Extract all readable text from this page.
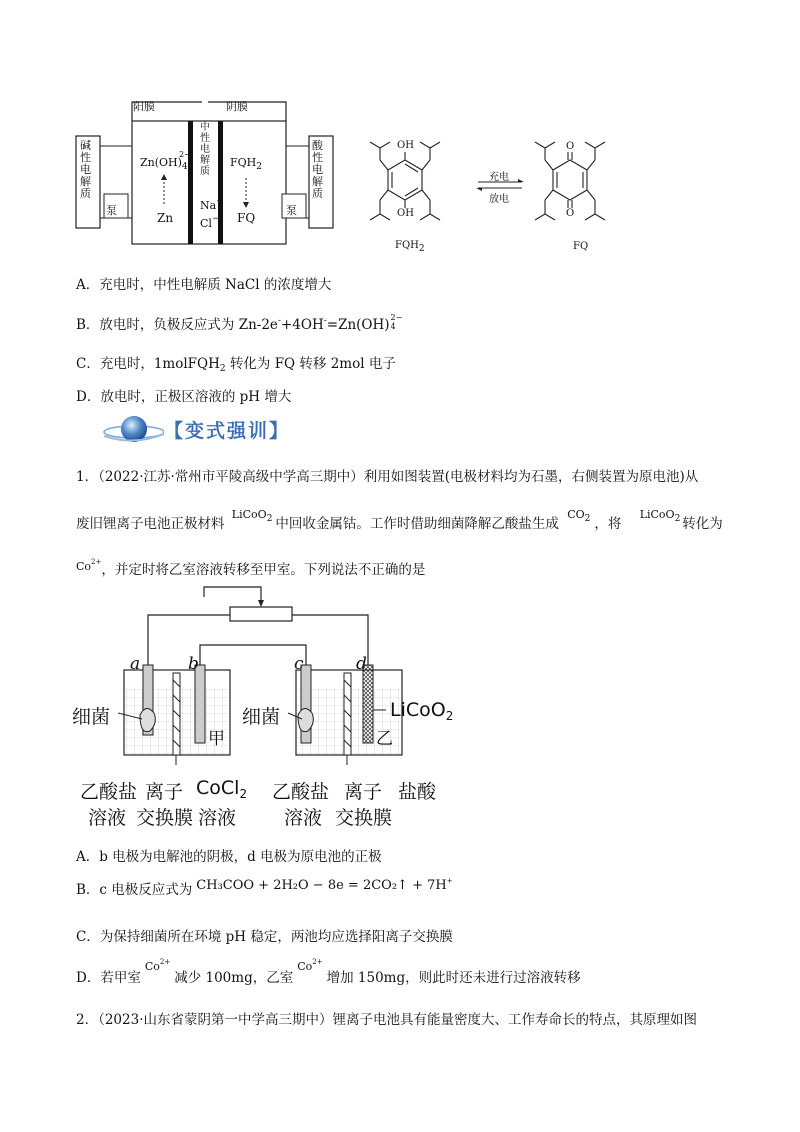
阳膜	阴膜
碱性电解质
酸性电解质
中性电解质
$Zn(OH)_4$
2−
Zn
$FQH_2$
FQ
Na+
Cl−
泵	泵
OH
OH
O
O
充电
放电
FQH2	FQ
A．充电时，中性电解质 NaCl 的浓度增大
B．放电时，负极反应式为 Zn-2e-+4OH-=Zn(OH) 2−
4
C．充电时，1molFQH$_2$ 转化为 FQ 转移 2mol 电子
D．放电时，正极区溶液的 pH 增大
【变式强训】
1．（2022·江苏·常州市平陵高级中学高三期中）利用如图装置(电极材料均为石墨，右侧装置为原电池)从
废旧锂离子电池正极材料 LiCoO$_2$ 中回收金属钴。工作时借助细菌降解乙酸盐生成 $CO_2$ ，将 LiCoO$_2$ 转化为
$Co^{2+}$，并定时将乙室溶液转移至甲室。下列说法不正确的是
a	b	c	d
细菌	细菌
甲	乙
LiCoO$_2$
乙酸盐
溶液
离子
交换膜
CoCl$_2$
溶液
乙酸盐
溶液
离子
交换膜
盐酸
A．b 电极为电解池的阴极，d 电极为原电池的正极
B．c 电极反应式为 CH₃COO + 2H₂O − 8e = 2CO₂↑ + 7H+
C．为保持细菌所在环境 pH 稳定，两池均应选择阳离子交换膜
D．若甲室$Co^{2+}$减少 100mg，乙室$Co^{2+}$增加 150mg，则此时还未进行过溶液转移
2．（2023·山东省蒙阴第一中学高三期中）锂离子电池具有能量密度大、工作寿命长的特点，其原理如图
